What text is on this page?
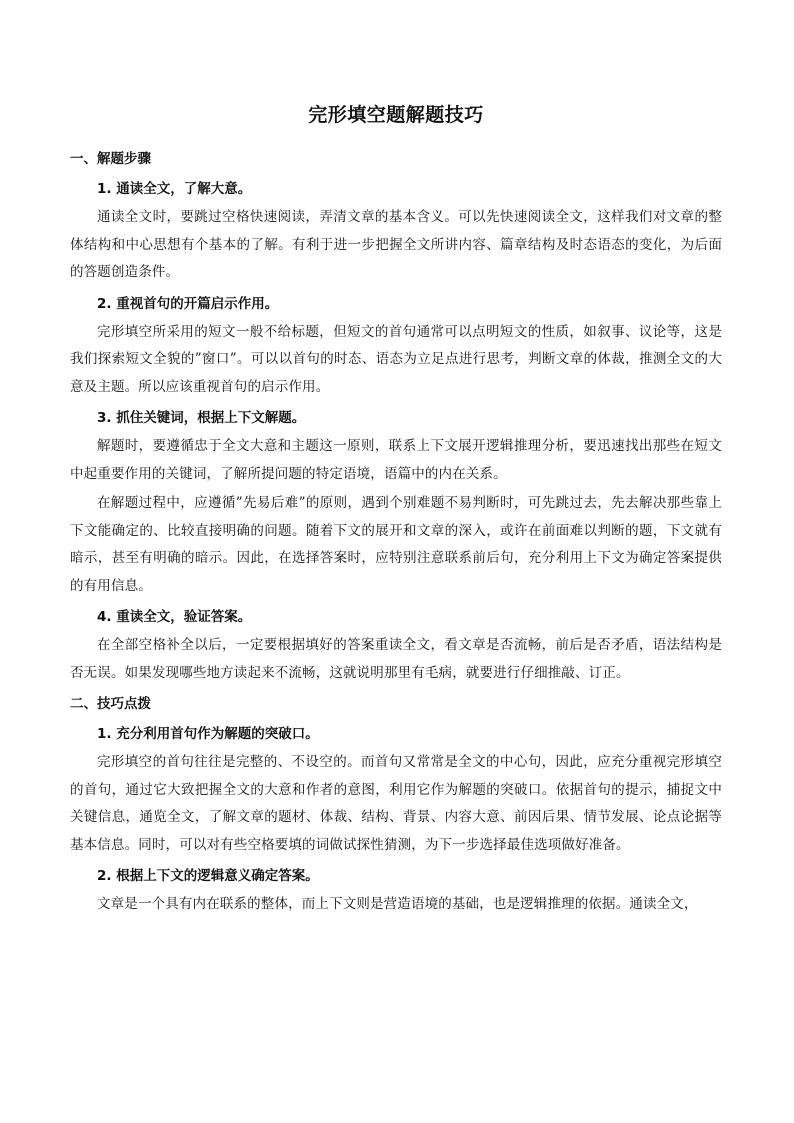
完形填空题解题技巧
一、解题步骤
1. 通读全文，了解大意。

通读全文时，要跳过空格快速阅读，弄清文章的基本含义。可以先快速阅读全文，这样我们对文章的整体结构和中心思想有个基本的了解。有利于进一步把握全文所讲内容、篇章结构及时态语态的变化，为后面的答题创造条件。

2. 重视首句的开篇启示作用。

完形填空所采用的短文一般不给标题，但短文的首句通常可以点明短文的性质，如叙事、议论等，这是我们探索短文全貌的”窗口”。可以以首句的时态、语态为立足点进行思考，判断文章的体裁，推测全文的大意及主题。所以应该重视首句的启示作用。

3. 抓住关键词，根据上下文解题。

解题时，要遵循忠于全文大意和主题这一原则，联系上下文展开逻辑推理分析，要迅速找出那些在短文中起重要作用的关键词，了解所提问题的特定语境，语篇中的内在关系。

在解题过程中，应遵循”先易后难”的原则，遇到个别难题不易判断时，可先跳过去，先去解决那些靠上下文能确定的、比较直接明确的问题。随着下文的展开和文章的深入，或许在前面难以判断的题，下文就有暗示，甚至有明确的暗示。因此，在选择答案时，应特别注意联系前后句，充分利用上下文为确定答案提供的有用信息。

4. 重读全文，验证答案。

在全部空格补全以后，一定要根据填好的答案重读全文，看文章是否流畅，前后是否矛盾，语法结构是否无误。如果发现哪些地方读起来不流畅，这就说明那里有毛病，就要进行仔细推敲、订正。

二、技巧点拨
1. 充分利用首句作为解题的突破口。

完形填空的首句往往是完整的、不设空的。而首句又常常是全文的中心句，因此，应充分重视完形填空的首句，通过它大致把握全文的大意和作者的意图，利用它作为解题的突破口。依据首句的提示，捕捉文中关键信息，通览全文，了解文章的题材、体裁、结构、背景、内容大意、前因后果、情节发展、论点论据等基本信息。同时，可以对有些空格要填的词做试探性猜测，为下一步选择最佳选项做好准备。

2. 根据上下文的逻辑意义确定答案。

文章是一个具有内在联系的整体，而上下文则是营造语境的基础，也是逻辑推理的依据。通读全文，
